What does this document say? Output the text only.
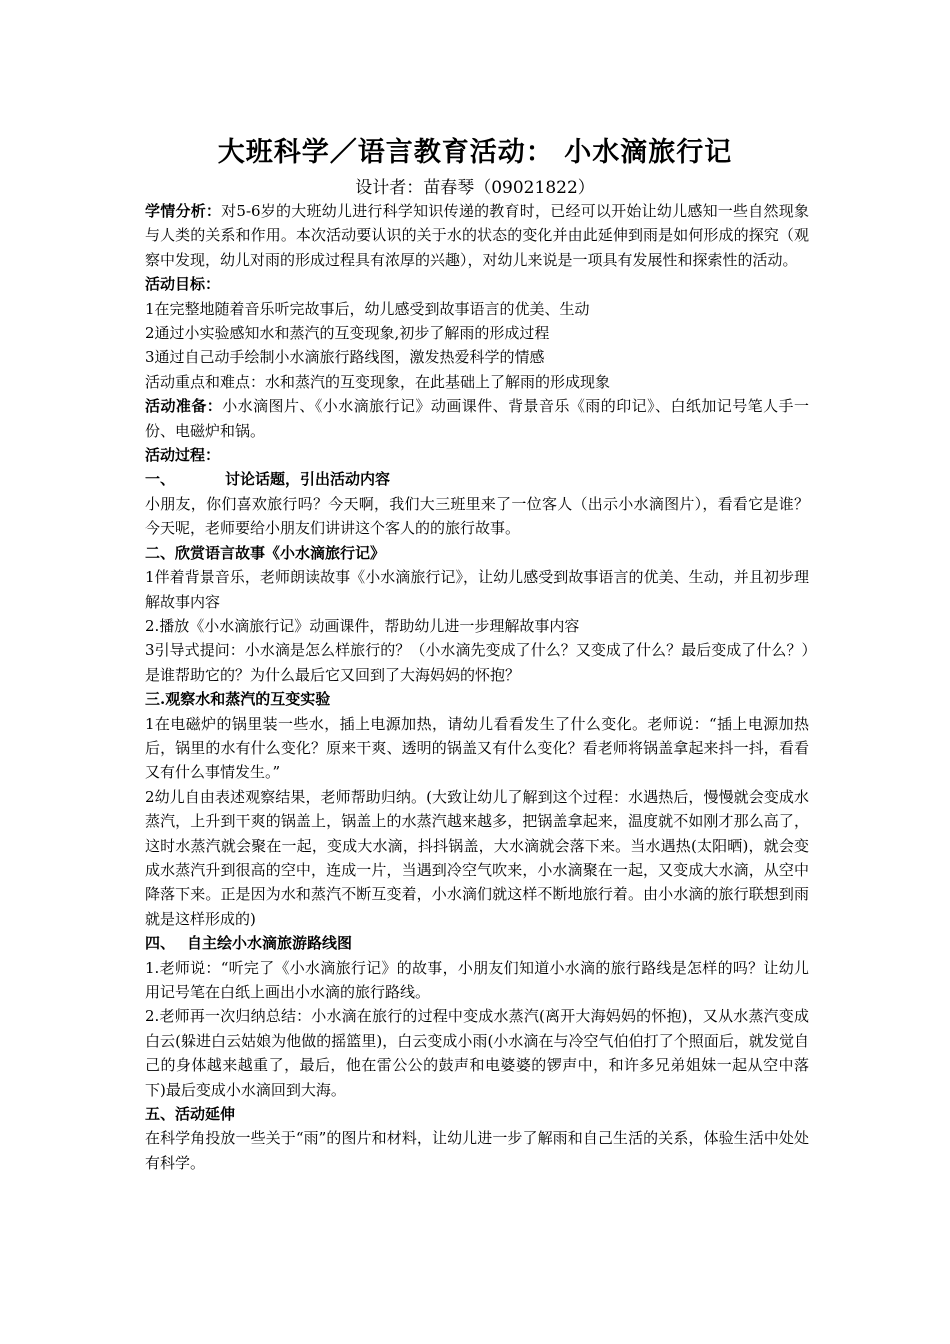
大班科学／语言教育活动： 小水滴旅行记
设计者：苗春琴（09021822）

学情分析：对5-6岁的大班幼儿进行科学知识传递的教育时，已经可以开始让幼儿感知一些自然现象与人类的关系和作用。本次活动要认识的关于水的状态的变化并由此延伸到雨是如何形成的探究（观察中发现，幼儿对雨的形成过程具有浓厚的兴趣），对幼儿来说是一项具有发展性和探索性的活动。

活动目标：

1在完整地随着音乐听完故事后，幼儿感受到故事语言的优美、生动

2通过小实验感知水和蒸汽的互变现象,初步了解雨的形成过程

3通过自己动手绘制小水滴旅行路线图，激发热爱科学的情感

活动重点和难点：水和蒸汽的互变现象，在此基础上了解雨的形成现象

活动准备：小水滴图片、《小水滴旅行记》动画课件、背景音乐《雨的印记》、白纸加记号笔人手一份、电磁炉和锅。

活动过程：

一、	讨论话题，引出活动内容

小朋友，你们喜欢旅行吗？今天啊，我们大三班里来了一位客人（出示小水滴图片），看看它是谁？今天呢，老师要给小朋友们讲讲这个客人的的旅行故事。

二、欣赏语言故事《小水滴旅行记》

1伴着背景音乐，老师朗读故事《小水滴旅行记》，让幼儿感受到故事语言的优美、生动，并且初步理解故事内容

2.播放《小水滴旅行记》动画课件，帮助幼儿进一步理解故事内容

3引导式提问：小水滴是怎么样旅行的？（小水滴先变成了什么？又变成了什么？最后变成了什么？）是谁帮助它的？为什么最后它又回到了大海妈妈的怀抱？

三.观察水和蒸汽的互变实验

1在电磁炉的锅里装一些水，插上电源加热，请幼儿看看发生了什么变化。老师说：“插上电源加热后，锅里的水有什么变化？原来干爽、透明的锅盖又有什么变化？看老师将锅盖拿起来抖一抖，看看又有什么事情发生。”

2幼儿自由表述观察结果，老师帮助归纳。(大致让幼儿了解到这个过程：水遇热后，慢慢就会变成水蒸汽，上升到干爽的锅盖上，锅盖上的水蒸汽越来越多，把锅盖拿起来，温度就不如刚才那么高了，这时水蒸汽就会聚在一起，变成大水滴，抖抖锅盖，大水滴就会落下来。当水遇热(太阳晒)，就会变成水蒸汽升到很高的空中，连成一片，当遇到冷空气吹来，小水滴聚在一起，又变成大水滴，从空中降落下来。正是因为水和蒸汽不断互变着，小水滴们就这样不断地旅行着。由小水滴的旅行联想到雨就是这样形成的)

四、 自主绘小水滴旅游路线图

1.老师说：“听完了《小水滴旅行记》的故事，小朋友们知道小水滴的旅行路线是怎样的吗？让幼儿用记号笔在白纸上画出小水滴的旅行路线。

2.老师再一次归纳总结：小水滴在旅行的过程中变成水蒸汽(离开大海妈妈的怀抱)，又从水蒸汽变成白云(躲进白云姑娘为他做的摇篮里)，白云变成小雨(小水滴在与冷空气伯伯打了个照面后，就发觉自己的身体越来越重了，最后，他在雷公公的鼓声和电婆婆的锣声中，和许多兄弟姐妹一起从空中落下)最后变成小水滴回到大海。

五、活动延伸

在科学角投放一些关于“雨”的图片和材料，让幼儿进一步了解雨和自己生活的关系，体验生活中处处有科学。
